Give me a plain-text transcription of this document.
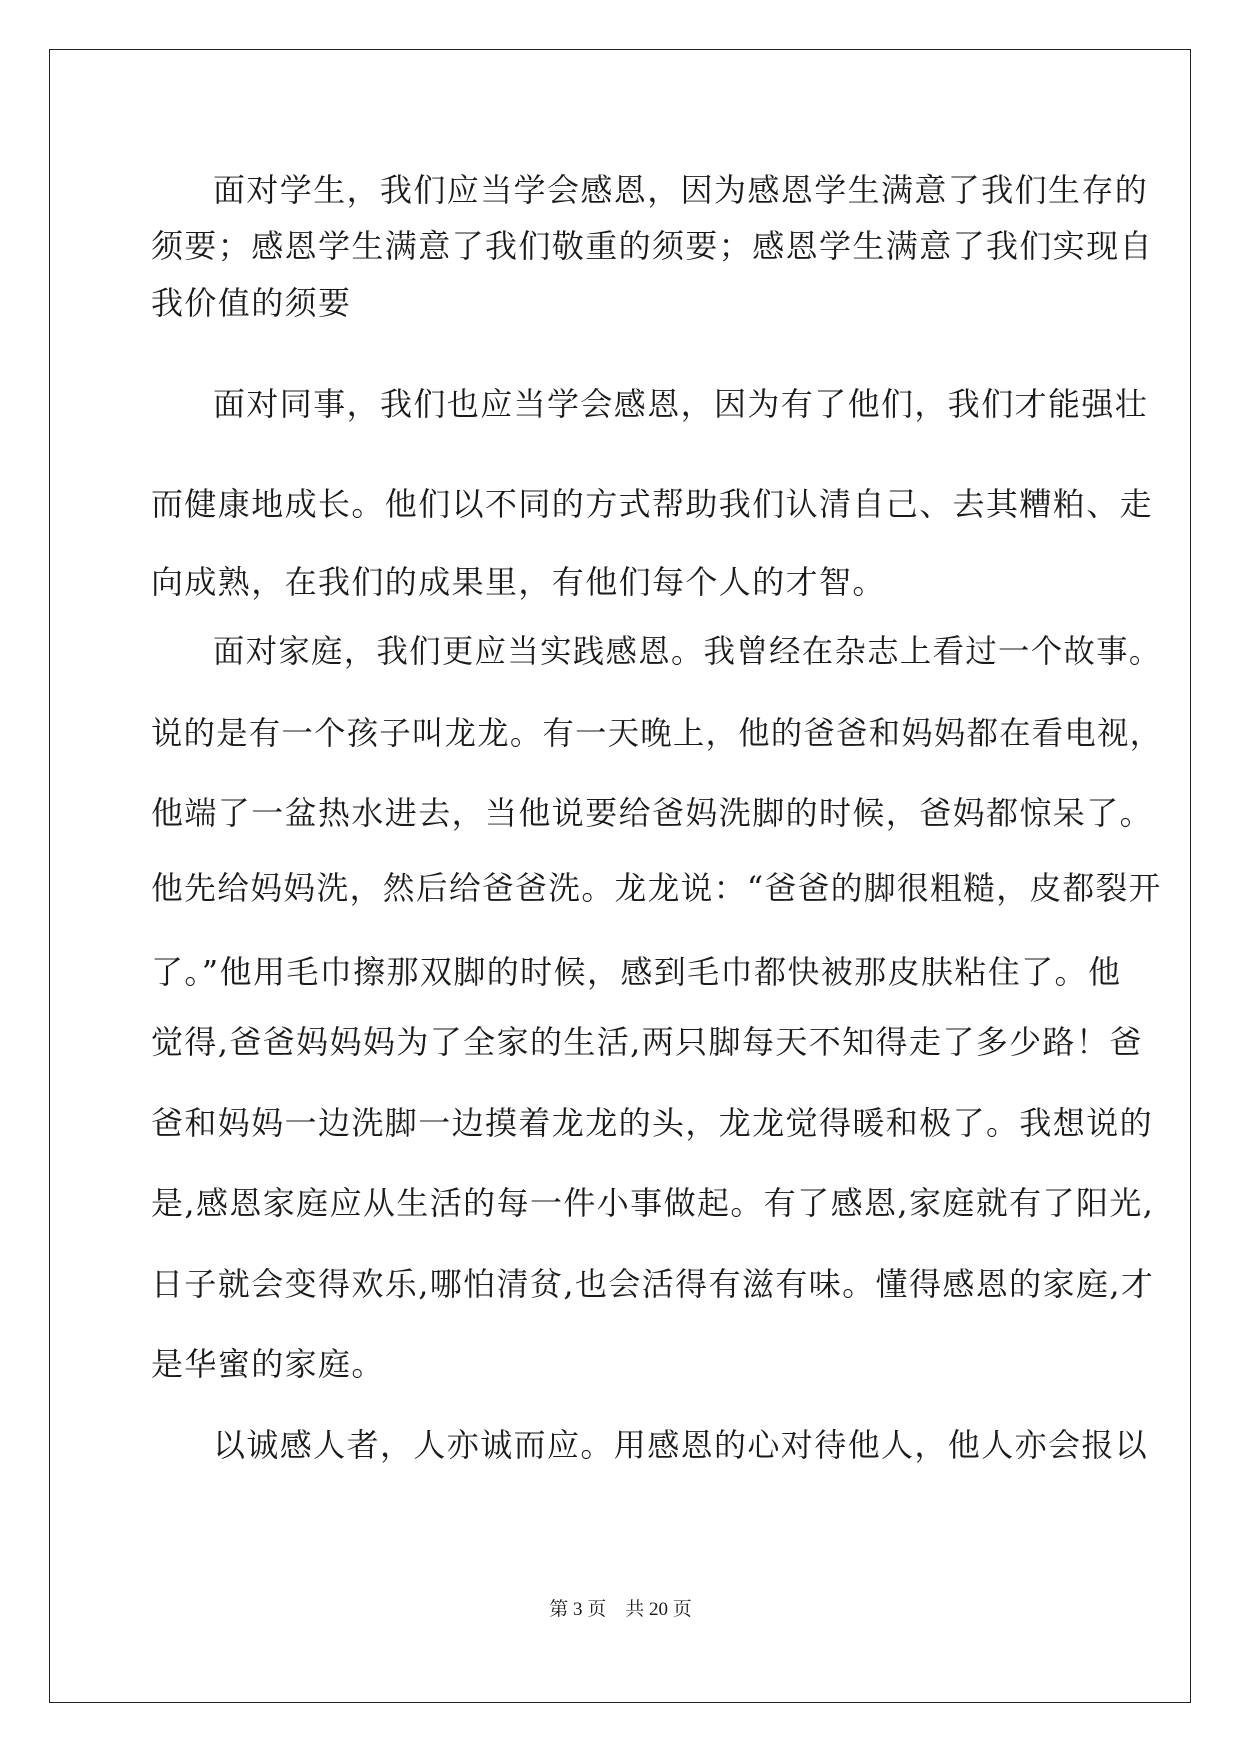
面对学生，我们应当学会感恩，因为感恩学生满意了我们生存的
须要；感恩学生满意了我们敬重的须要；感恩学生满意了我们实现自
我价值的须要
面对同事，我们也应当学会感恩，因为有了他们，我们才能强壮
而健康地成长。他们以不同的方式帮助我们认清自己、去其糟粕、走
向成熟，在我们的成果里，有他们每个人的才智。
面对家庭，我们更应当实践感恩。我曾经在杂志上看过一个故事。
说的是有一个孩子叫龙龙。有一天晚上，他的爸爸和妈妈都在看电视，
他端了一盆热水进去，当他说要给爸妈洗脚的时候，爸妈都惊呆了。
他先给妈妈洗，然后给爸爸洗。龙龙说：“爸爸的脚很粗糙，皮都裂开
了。”他用毛巾擦那双脚的时候，感到毛巾都快被那皮肤粘住了。他
觉得,爸爸妈妈妈为了全家的生活,两只脚每天不知得走了多少路！爸
爸和妈妈一边洗脚一边摸着龙龙的头，龙龙觉得暖和极了。我想说的
是,感恩家庭应从生活的每一件小事做起。有了感恩,家庭就有了阳光,
日子就会变得欢乐,哪怕清贫,也会活得有滋有味。懂得感恩的家庭,才
是华蜜的家庭。
以诚感人者，人亦诚而应。用感恩的心对待他人，他人亦会报以
第 3 页 共 20 页
